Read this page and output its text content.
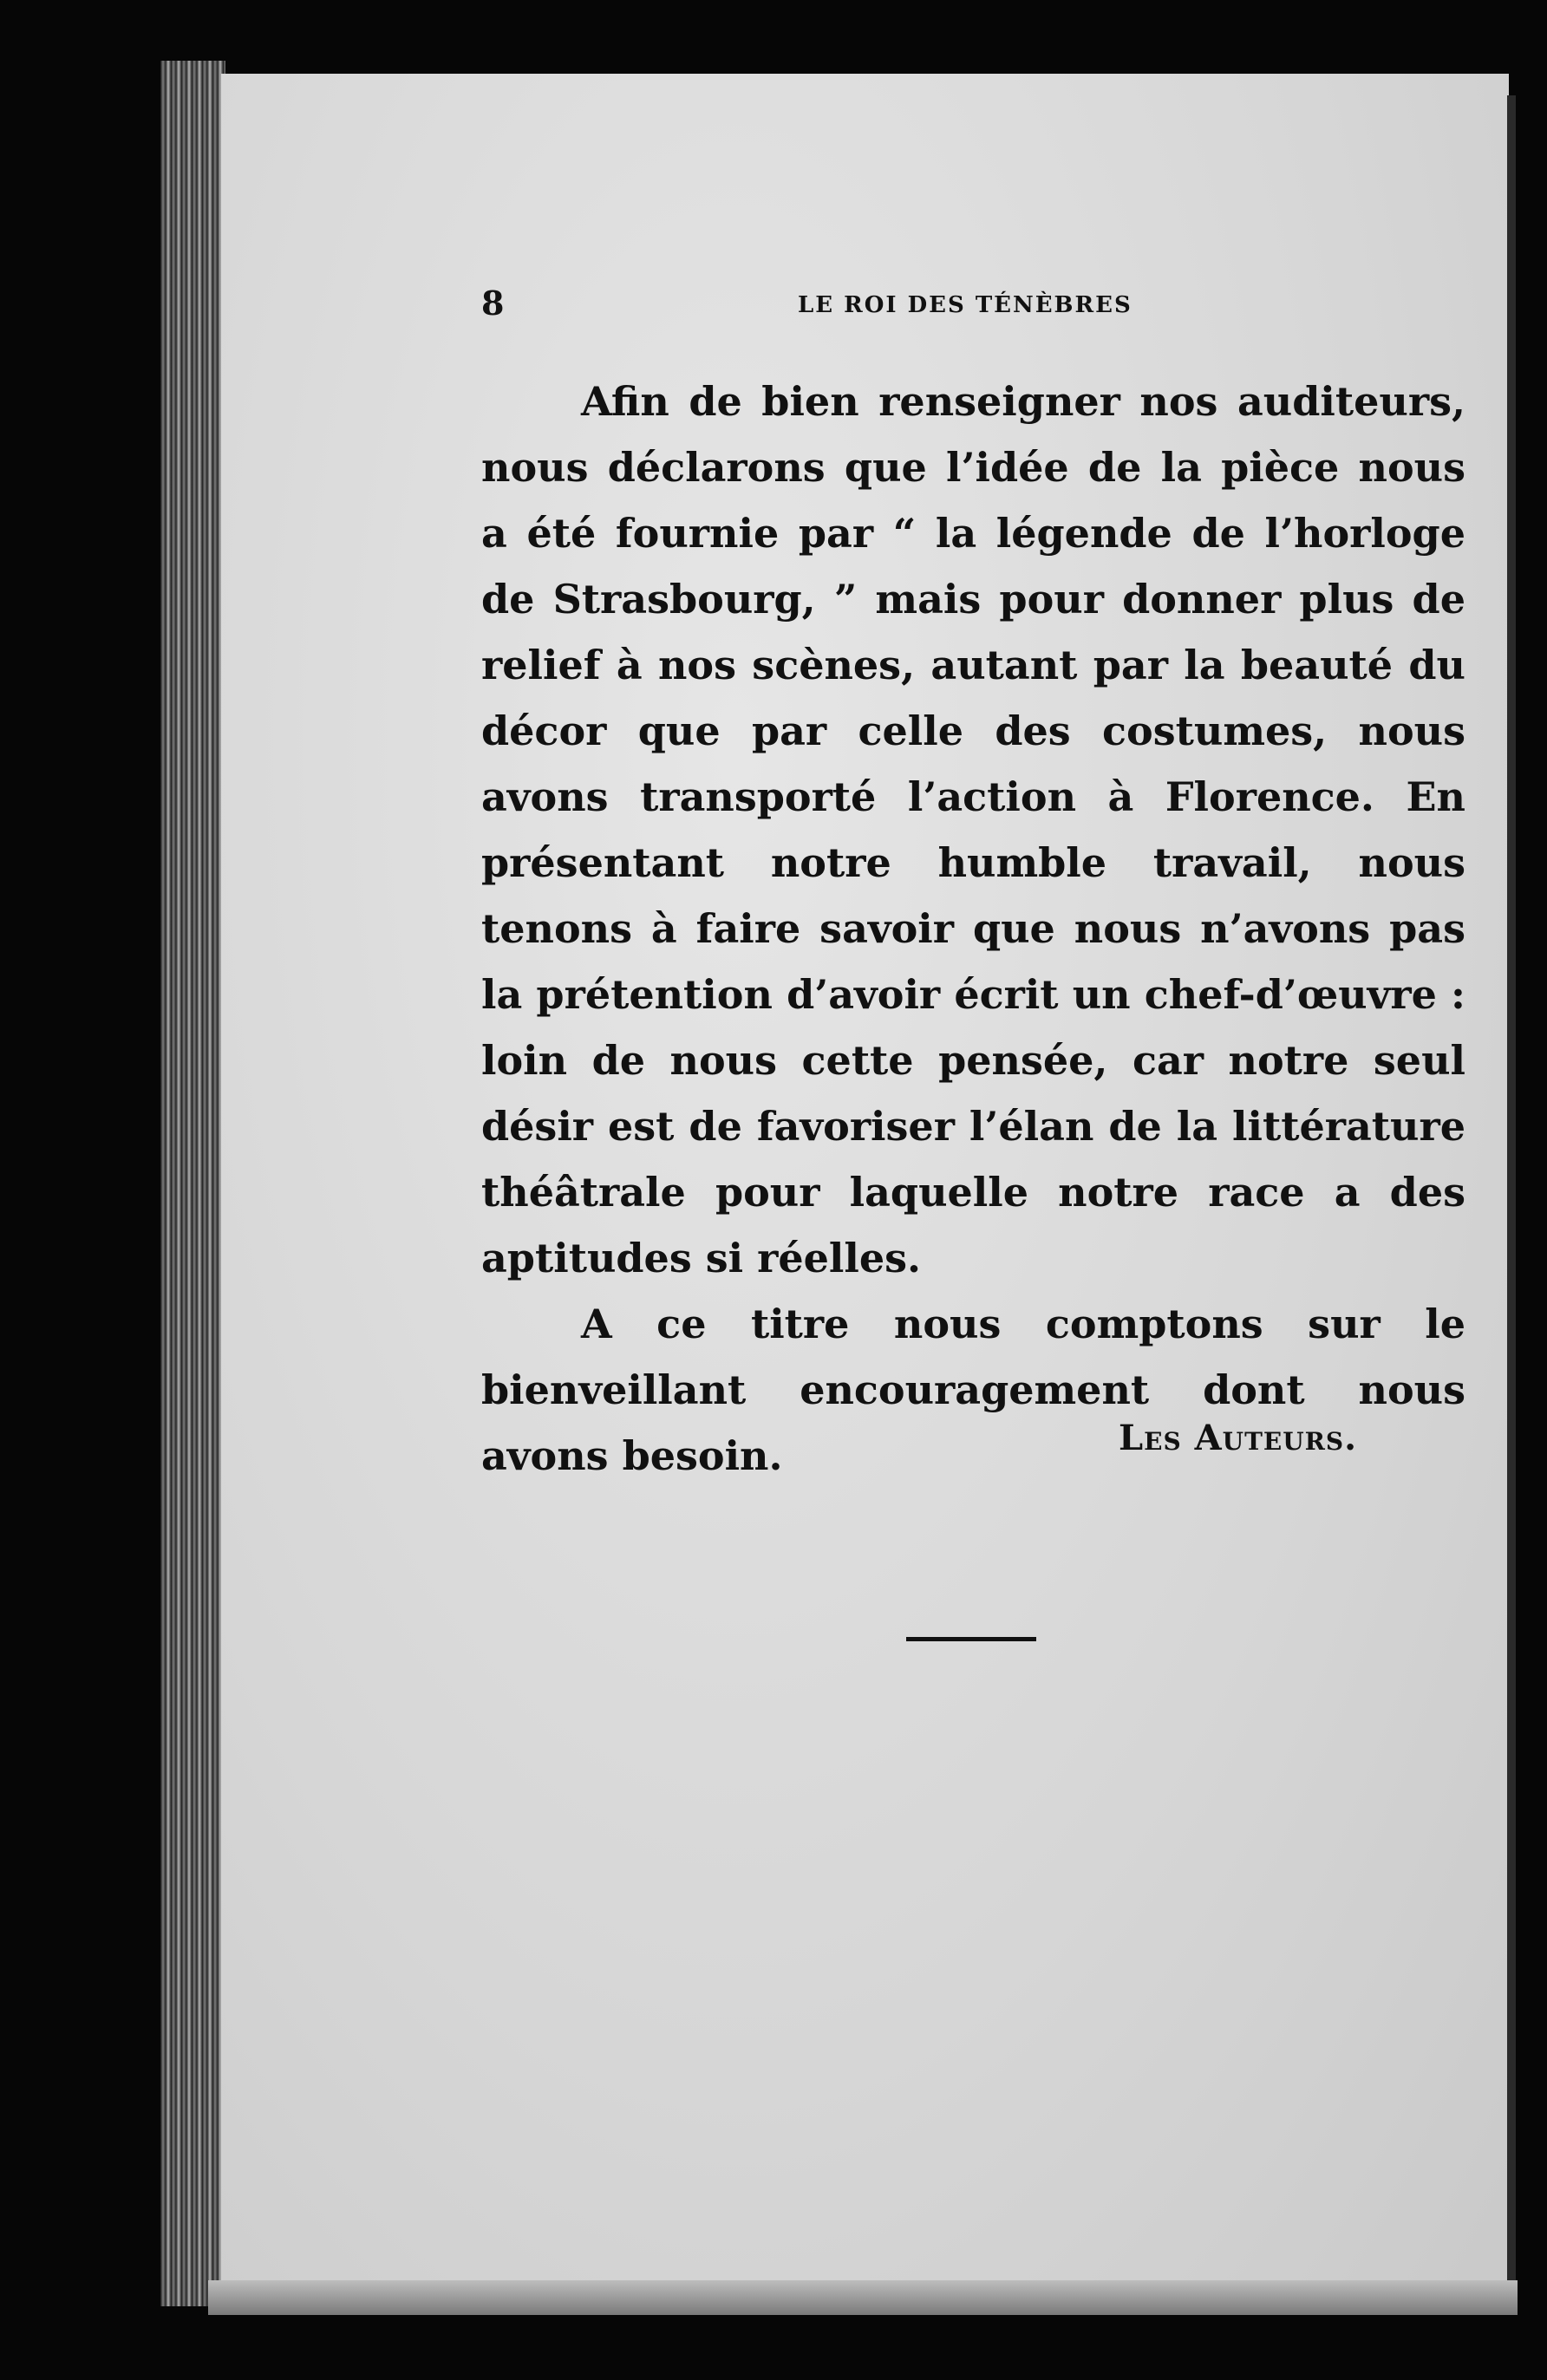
8	LE ROI DES TÉNÈBRES

Afin de bien renseigner nos auditeurs, nous déclarons que l’idée de la pièce nous a été fournie par “ la légende de l’horloge de Strasbourg, ” mais pour donner plus de relief à nos scènes, autant par la beauté du décor que par celle des costumes, nous avons transporté l’action à Florence. En présentant notre humble travail, nous tenons à faire savoir que nous n’avons pas la prétention d’avoir écrit un chef-d’œuvre : loin de nous cette pensée, car notre seul désir est de favoriser l’élan de la littérature théâtrale pour laquelle notre race a des aptitudes si réelles.

A ce titre nous comptons sur le bienveillant encouragement dont nous avons besoin.	Les Auteurs.
